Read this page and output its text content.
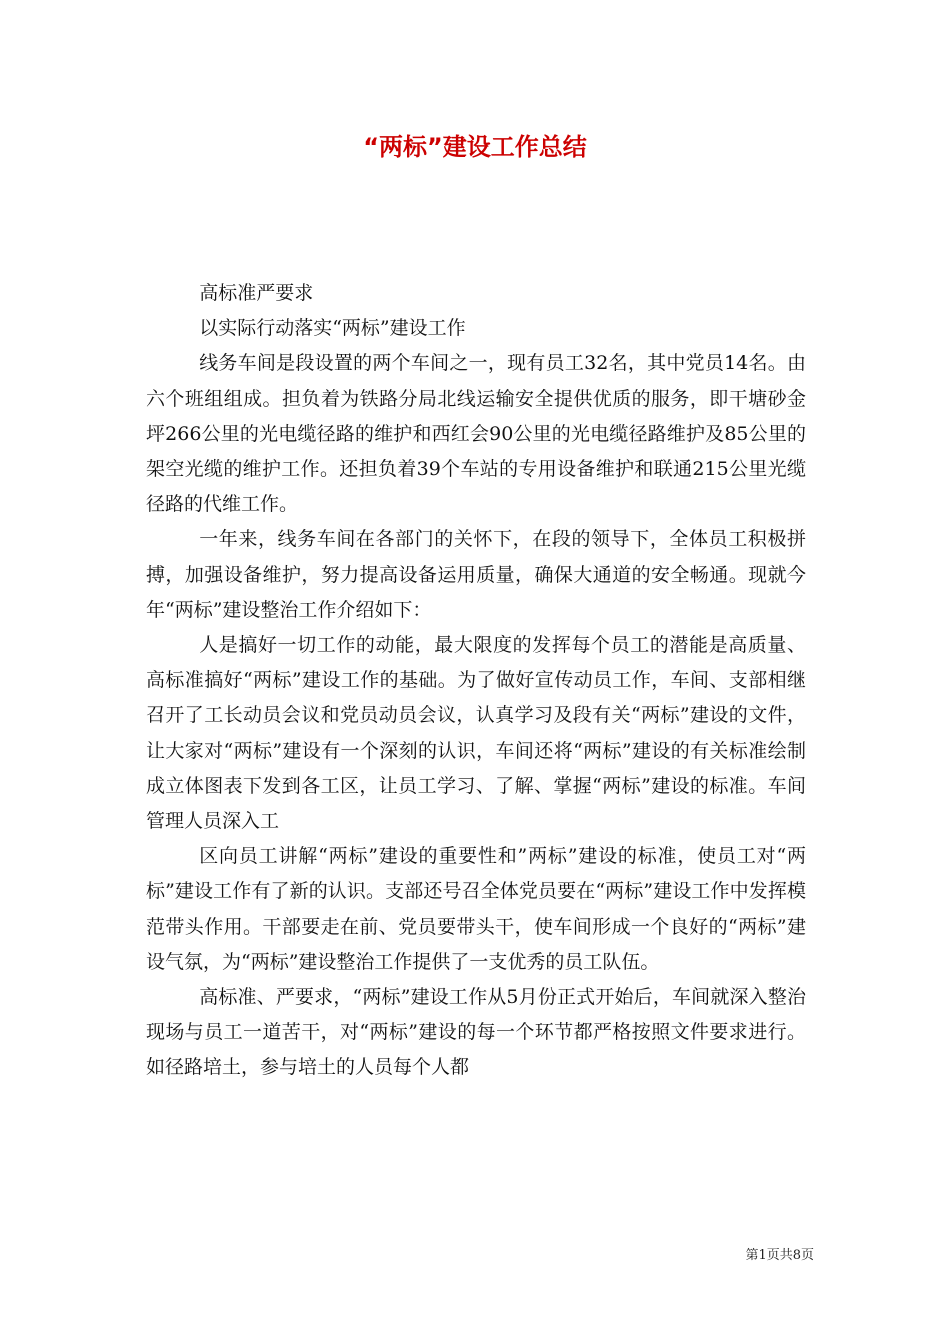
“两标”建设工作总结

高标准严要求

以实际行动落实“两标”建设工作

线务车间是段设置的两个车间之一，现有员工32名，其中党员14名。由六个班组组成。担负着为铁路分局北线运输安全提供优质的服务，即干塘砂金坪266公里的光电缆径路的维护和西红会90公里的光电缆径路维护及85公里的架空光缆的维护工作。还担负着39个车站的专用设备维护和联通215公里光缆径路的代维工作。

一年来，线务车间在各部门的关怀下，在段的领导下，全体员工积极拼搏，加强设备维护，努力提高设备运用质量，确保大通道的安全畅通。现就今年“两标”建设整治工作介绍如下：

人是搞好一切工作的动能，最大限度的发挥每个员工的潜能是高质量、高标准搞好“两标”建设工作的基础。为了做好宣传动员工作，车间、支部相继召开了工长动员会议和党员动员会议，认真学习及段有关“两标”建设的文件，让大家对“两标”建设有一个深刻的认识，车间还将“两标”建设的有关标准绘制成立体图表下发到各工区，让员工学习、了解、掌握“两标”建设的标准。车间管理人员深入工

区向员工讲解“两标”建设的重要性和”两标”建设的标准，使员工对“两标”建设工作有了新的认识。支部还号召全体党员要在“两标”建设工作中发挥模范带头作用。干部要走在前、党员要带头干，使车间形成一个良好的“两标”建设气氛，为“两标”建设整治工作提供了一支优秀的员工队伍。

高标准、严要求，“两标”建设工作从5月份正式开始后，车间就深入整治现场与员工一道苦干，对“两标”建设的每一个环节都严格按照文件要求进行。如径路培土，参与培土的人员每个人都

第1页共8页
